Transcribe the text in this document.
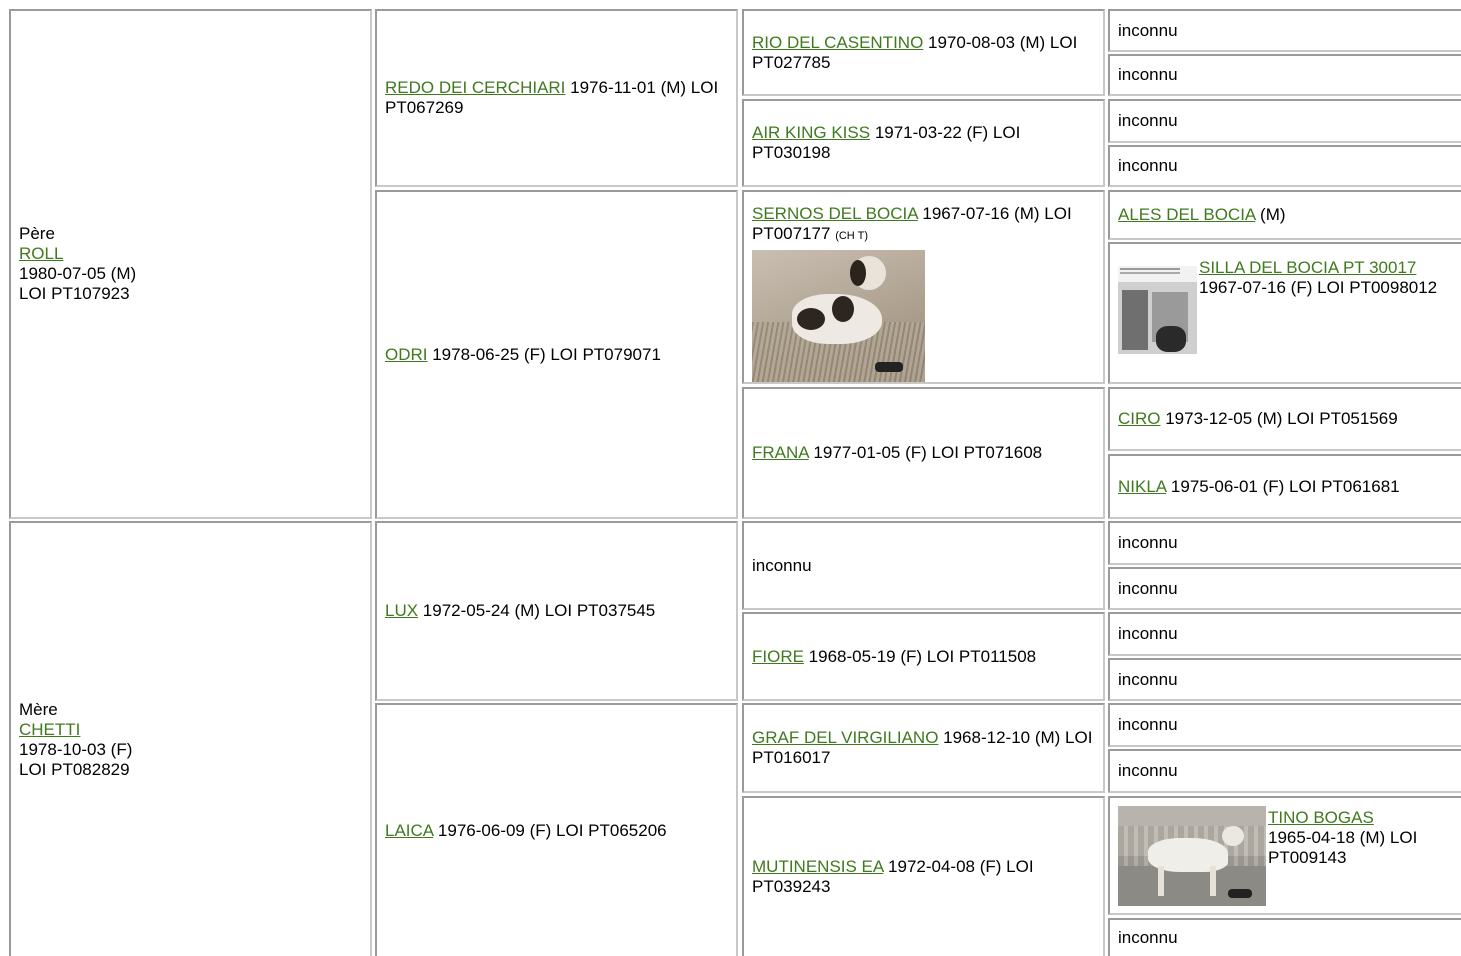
Père
ROLL
1980-07-05 (M)
LOI PT107923
Mère
CHETTI
1978-10-03 (F)
LOI PT082829
REDO DEI CERCHIARI 1976-11-01 (M) LOI PT067269
ODRI 1978-06-25 (F) LOI PT079071
LUX 1972-05-24 (M) LOI PT037545
LAICA 1976-06-09 (F) LOI PT065206
RIO DEL CASENTINO 1970-08-03 (M) LOI PT027785
AIR KING KISS 1971-03-22 (F) LOI PT030198
SERNOS DEL BOCIA 1967-07-16 (M) LOI PT007177 (CH T)
FRANA 1977-01-05 (F) LOI PT071608
inconnu
FIORE 1968-05-19 (F) LOI PT011508
GRAF DEL VIRGILIANO 1968-12-10 (M) LOI PT016017
MUTINENSIS EA 1972-04-08 (F) LOI PT039243
inconnu
inconnu
inconnu
inconnu
ALES DEL BOCIA (M)
SILLA DEL BOCIA PT 30017
1967-07-16 (F) LOI PT0098012
CIRO 1973-12-05 (M) LOI PT051569
NIKLA 1975-06-01 (F) LOI PT061681
inconnu
inconnu
inconnu
inconnu
inconnu
inconnu
TINO BOGAS
1965-04-18 (M) LOI PT009143
inconnu
